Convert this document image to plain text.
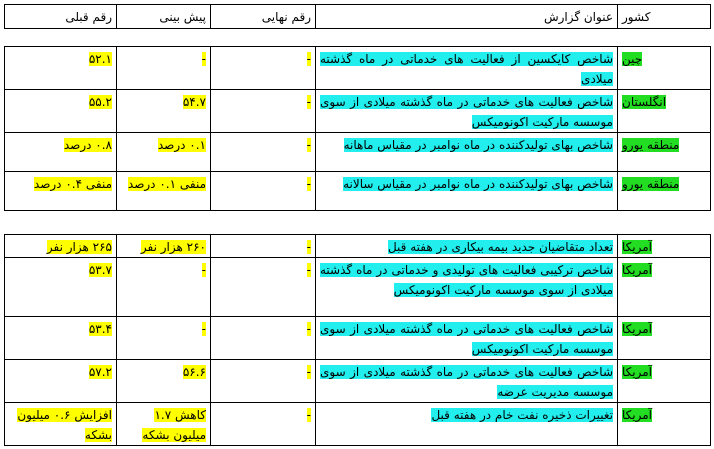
کشور	عنوان گزارش	رقم نهایی	پیش بینی	رقم قبلی
چین	شاخص کایکسین از فعالیت های خدماتی در ماه گذشته میلادی	-	-	۵۲.۱
انگلستان	شاخص فعالیت های خدماتی در ماه گذشته میلادی از سوی موسسه مارکیت اکونومیکس	-	۵۴.۷	۵۵.۲
منطقه یورو	شاخص بهای تولیدکننده در ماه نوامبر در مقیاس ماهانه	-	۰.۱ درصد	۰.۸ درصد
منطقه یورو	شاخص بهای تولیدکننده در ماه نوامبر در مقیاس سالانه	-	منفی ۰.۱ درصد	منفی ۰.۴ درصد
آمریکا	تعداد متقاضیان جدید بیمه بیکاری در هفته قبل	-	۲۶۰ هزار نفر	۲۶۵ هزار نفر
آمریکا	شاخص ترکیبی فعالیت های تولیدی و خدماتی در ماه گذشته میلادی از سوی موسسه مارکیت اکونومیکس	-	-	۵۳.۷
آمریکا	شاخص فعالیت های خدماتی در ماه گذشته میلادی از سوی موسسه مارکیت اکونومیکس	-	-	۵۳.۴
آمریکا	شاخص فعالیت های خدماتی در ماه گذشته میلادی از سوی موسسه مدیریت عرضه	-	۵۶.۶	۵۷.۲
آمریکا	تغییرات ذخیره نفت خام در هفته قبل	-	کاهش ۱.۷ میلیون بشکه	افزایش ۰.۶ میلیون بشکه
